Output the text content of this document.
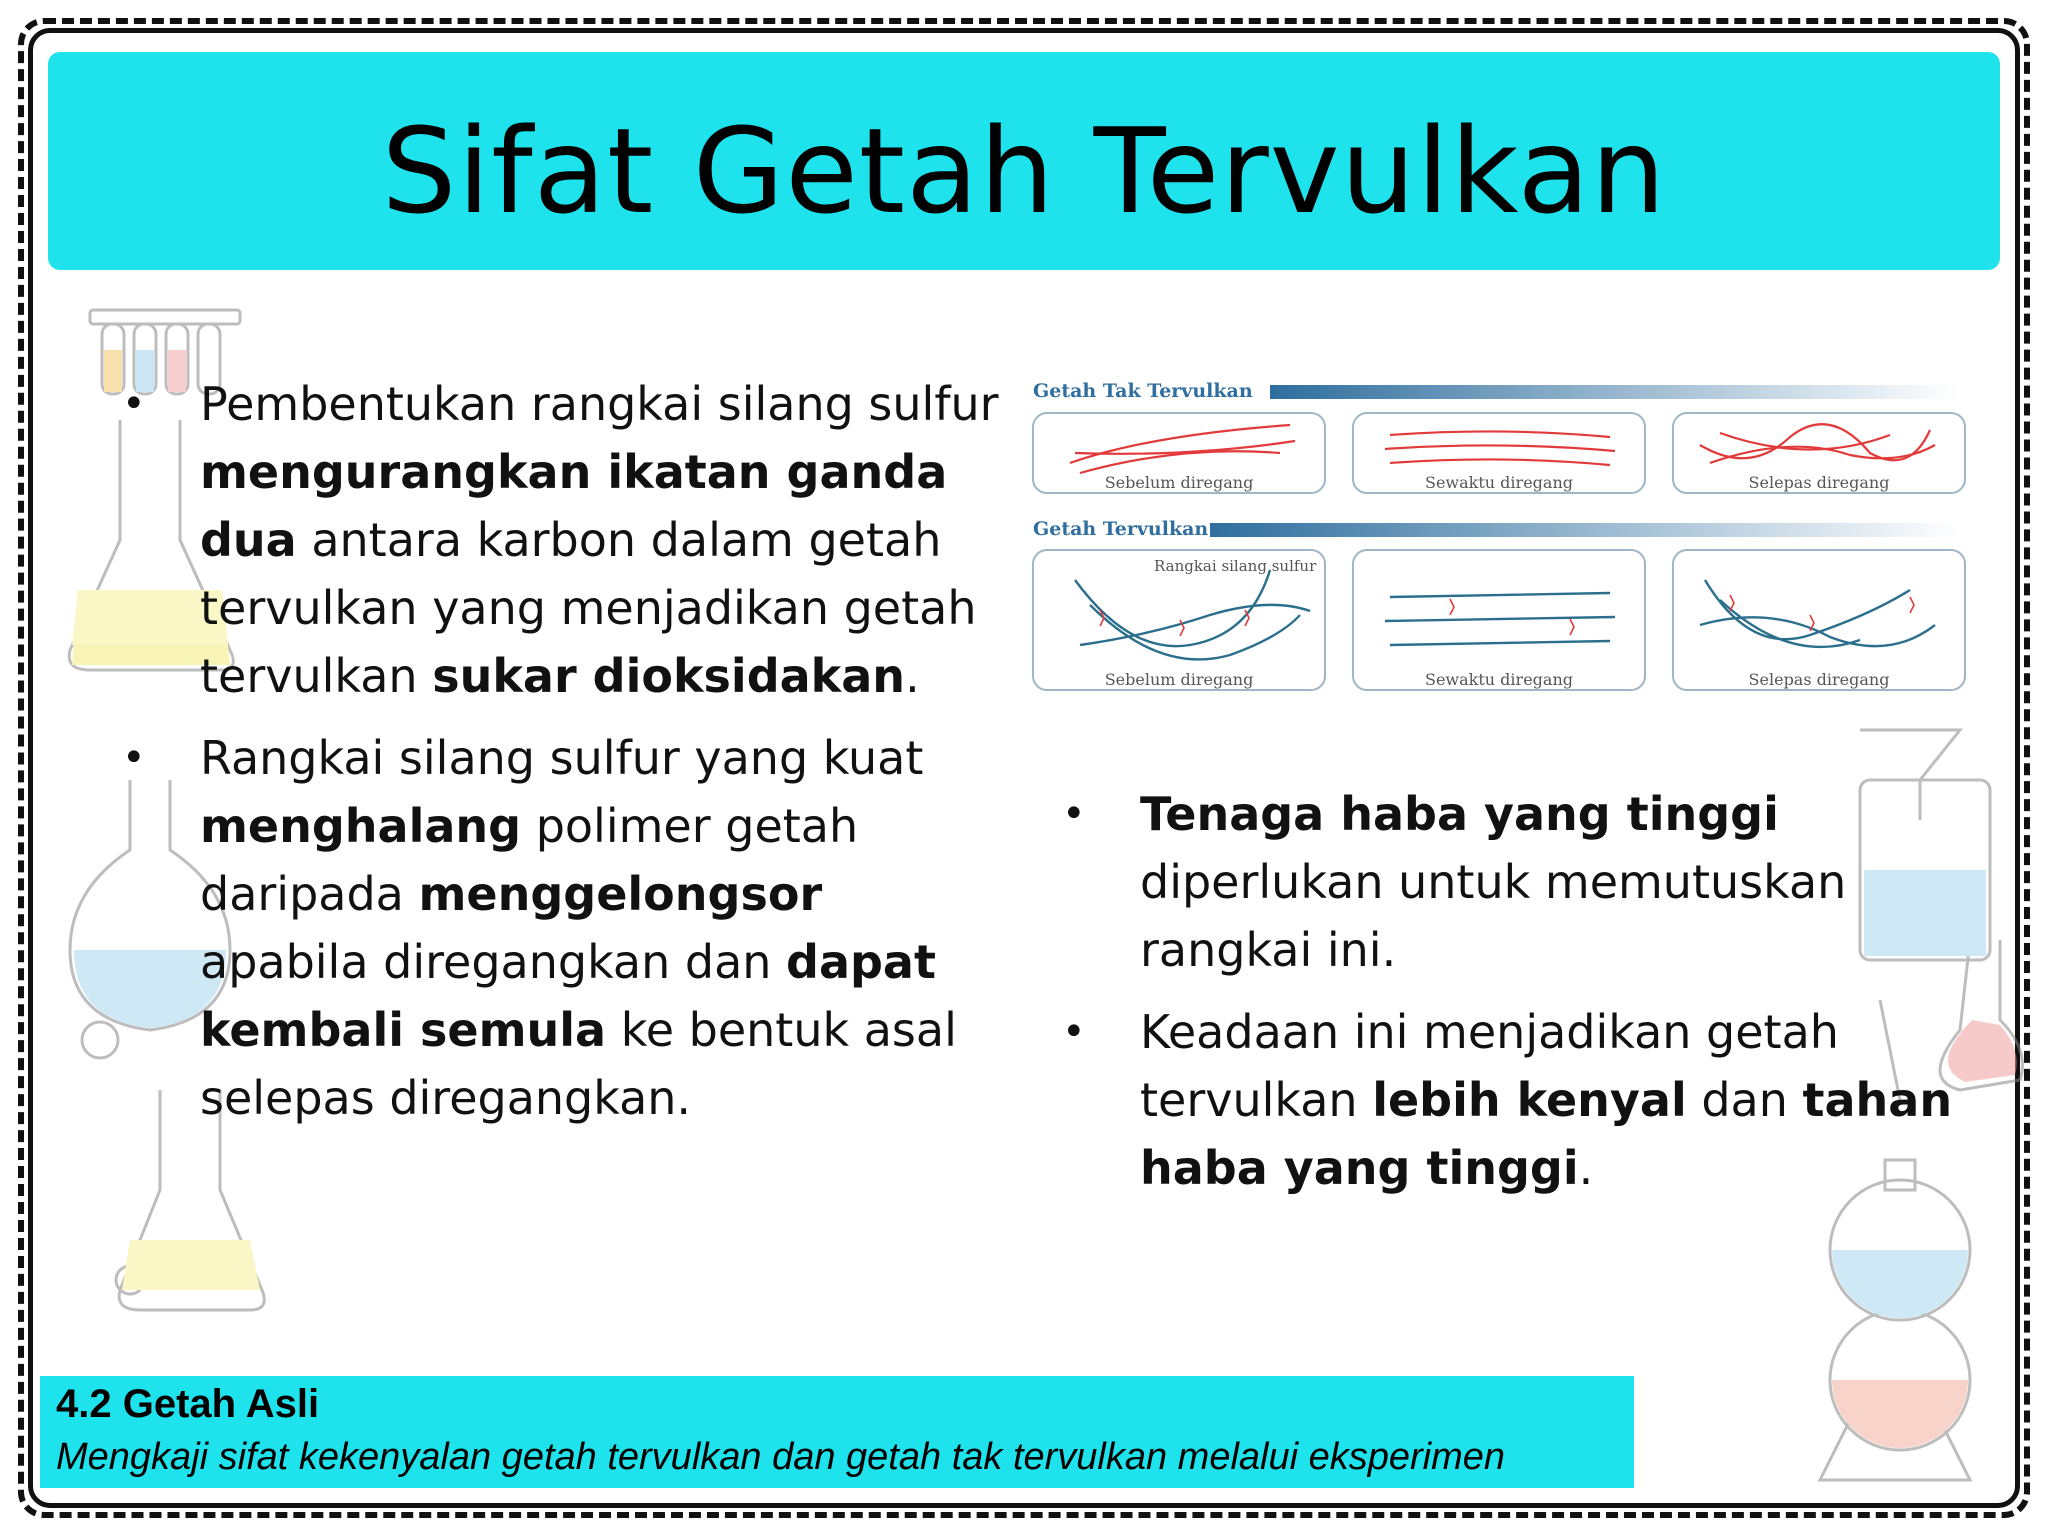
Sifat Getah Tervulkan
• Pembentukan rangkai silang sulfur mengurangkan ikatan ganda dua antara karbon dalam getah tervulkan yang menjadikan getah tervulkan sukar dioksidakan.
• Rangkai silang sulfur yang kuat menghalang polimer getah daripada menggelongsor apabila diregangkan dan dapat kembali semula ke bentuk asal selepas diregangkan.
• Tenaga haba yang tinggi diperlukan untuk memutuskan rangkai ini.
• Keadaan ini menjadikan getah tervulkan lebih kenyal dan tahan haba yang tinggi.
Getah Tak Tervulkan
Getah Tervulkan
Sebelum diregang	Sewaktu diregang	Selepas diregang
Rangkai silang sulfur
Sebelum diregang	Sewaktu diregang	Selepas diregang
4.2 Getah Asli
Mengkaji sifat kekenyalan getah tervulkan dan getah tak tervulkan melalui eksperimen
